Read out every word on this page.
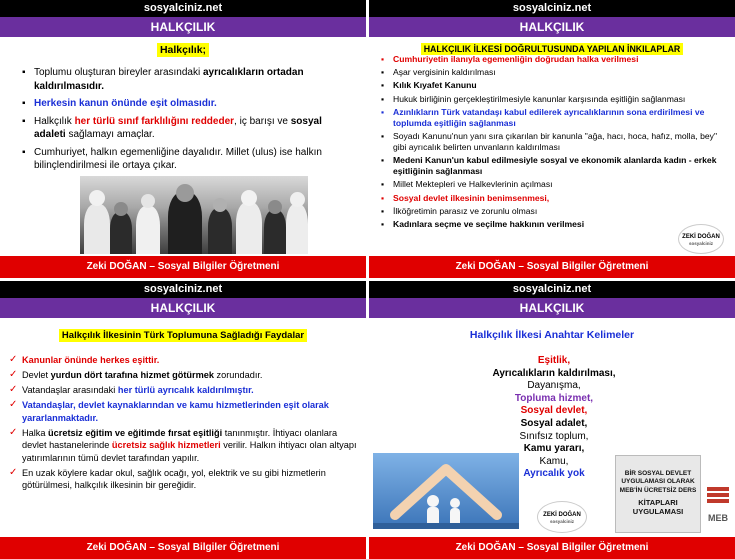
sosyalciniz.net
HALKÇILIK
Halkçılık;
▪ Toplumu oluşturan bireyler arasındaki ayrıcalıkların ortadan kaldırılmasıdır.
▪ Herkesin kanun önünde eşit olmasıdır.
▪ Halkçılık her türlü sınıf farklılığını reddeder, iç barışı ve sosyal adaleti sağlamayı amaçlar.
▪ Cumhuriyet, halkın egemenliğine dayalıdır. Millet (ulus) ise halkın bilinçlendirilmesi ile ortaya çıkar.
Zeki DOĞAN – Sosyal Bilgiler Öğretmeni
sosyalciniz.net
HALKÇILIK
HALKÇILIK İLKESİ DOĞRULTUSUNDA YAPILAN İNKILAPLAR
▪ Cumhuriyetin ilanıyla egemenliğin doğrudan halka verilmesi
▪ Aşar vergisinin kaldırılması
▪ Kılık Kıyafet Kanunu
▪ Hukuk birliğinin gerçekleştirilmesiyle kanunlar karşısında eşitliğin sağlanması
▪ Azınlıkların Türk vatandaşı kabul edilerek ayrıcalıklarının sona erdirilmesi ve toplumda eşitliğin sağlanması
▪ Soyadı Kanunu'nun yanı sıra çıkarılan bir kanunla "ağa, hacı, hoca, hafız, molla, bey" gibi ayrıcalık belirten unvanların kaldırılması
▪ Medeni Kanun'un kabul edilmesiyle sosyal ve ekonomik alanlarda kadın - erkek eşitliğinin sağlanması
▪ Millet Mektepleri ve Halkevlerinin açılması
▪ Sosyal devlet ilkesinin benimsenmesi,
▪ İlköğretimin parasız ve zorunlu olması
▪ Kadınlara seçme ve seçilme hakkının verilmesi
ZEKİ DOĞAN
sosyalciniz
Zeki DOĞAN – Sosyal Bilgiler Öğretmeni
sosyalciniz.net
HALKÇILIK
Halkçılık İlkesinin Türk Toplumuna Sağladığı Faydalar
✓ Kanunlar önünde herkes eşittir.
✓ Devlet yurdun dört tarafına hizmet götürmek zorundadır.
✓ Vatandaşlar arasındaki her türlü ayrıcalık kaldırılmıştır.
✓ Vatandaşlar, devlet kaynaklarından ve kamu hizmetlerinden eşit olarak yararlanmaktadır.
✓ Halka ücretsiz eğitim ve eğitimde fırsat eşitliği tanınmıştır. İhtiyacı olanlara devlet hastanelerinde ücretsiz sağlık hizmetleri verilir. Halkın ihtiyacı olan altyapı yatırımlarının tümü devlet tarafından yapılır.
✓ En uzak köylere kadar okul, sağlık ocağı, yol, elektrik ve su gibi hizmetlerin götürülmesi, halkçılık ilkesinin bir gereğidir.
Zeki DOĞAN – Sosyal Bilgiler Öğretmeni
sosyalciniz.net
HALKÇILIK
Halkçılık İlkesi Anahtar Kelimeler
Eşitlik,
Ayrıcalıkların kaldırılması,
Dayanışma,
Topluma hizmet,
Sosyal devlet,
Sosyal adalet,
Sınıfsız toplum,
Kamu yararı,
Kamu,
Ayrıcalık yok
ZEKİ DOĞAN
sosyalciniz
BİR SOSYAL DEVLET UYGULAMASI OLARAK MEB'İN ÜCRETSİZ DERS
KİTAPLARI UYGULAMASI
MEB
Zeki DOĞAN – Sosyal Bilgiler Öğretmeni
